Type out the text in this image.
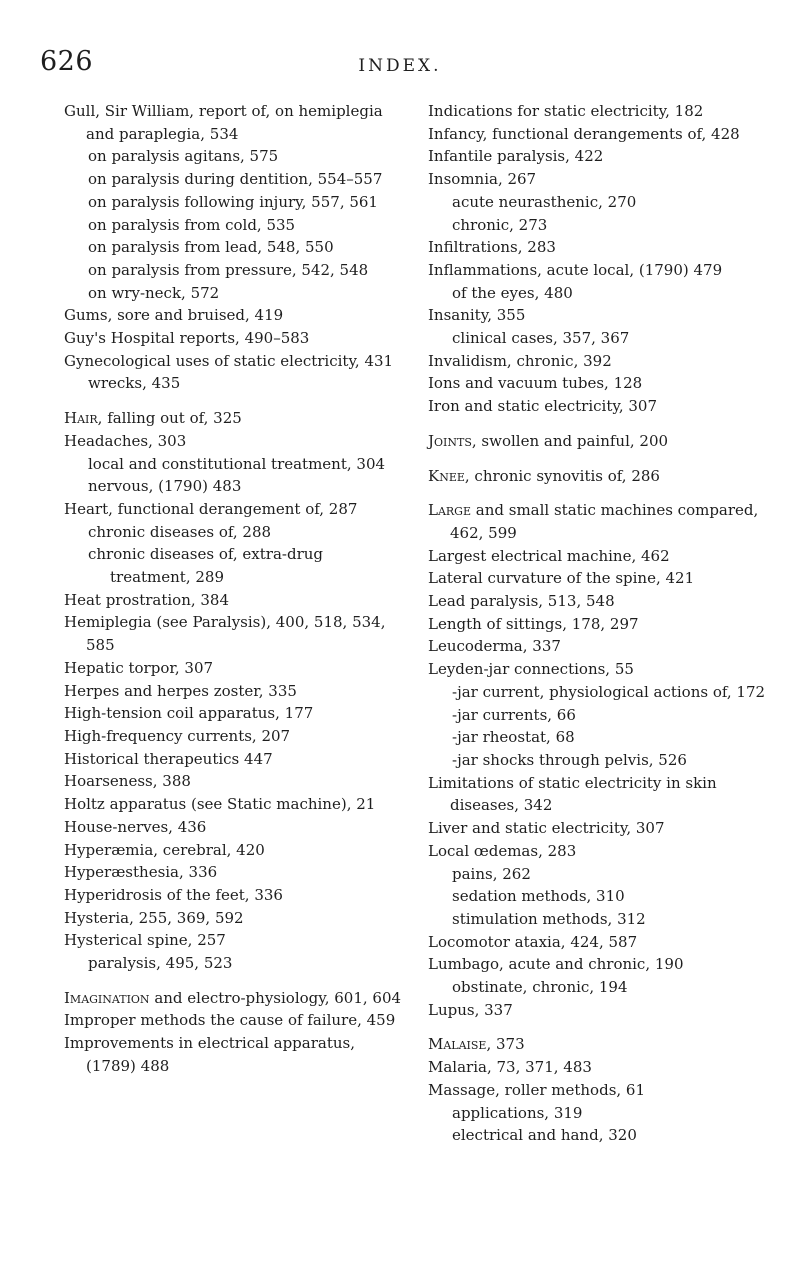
626	INDEX.

Gull, Sir William, report of, on hemiplegia and paraplegia, 534

on paralysis agitans, 575

on paralysis during dentition, 554–557

on paralysis following injury, 557, 561

on paralysis from cold, 535

on paralysis from lead, 548, 550

on paralysis from pressure, 542, 548

on wry-neck, 572

Gums, sore and bruised, 419

Guy's Hospital reports, 490–583

Gynecological uses of static electricity, 431

wrecks, 435

Hair, falling out of, 325

Headaches, 303

local and constitutional treatment, 304

nervous, (1790) 483

Heart, functional derangement of, 287

chronic diseases of, 288

chronic diseases of, extra-drug treatment, 289

Heat prostration, 384

Hemiplegia (see Paralysis), 400, 518, 534, 585

Hepatic torpor, 307

Herpes and herpes zoster, 335

High-tension coil apparatus, 177

High-frequency currents, 207

Historical therapeutics 447

Hoarseness, 388

Holtz apparatus (see Static machine), 21

House-nerves, 436

Hyperæmia, cerebral, 420

Hyperæsthesia, 336

Hyperidrosis of the feet, 336

Hysteria, 255, 369, 592

Hysterical spine, 257

paralysis, 495, 523

Imagination and electro-physiology, 601, 604

Improper methods the cause of failure, 459

Improvements in electrical apparatus, (1789) 488

Indications for static electricity, 182

Infancy, functional derangements of, 428

Infantile paralysis, 422

Insomnia, 267

acute neurasthenic, 270

chronic, 273

Infiltrations, 283

Inflammations, acute local, (1790) 479

of the eyes, 480

Insanity, 355

clinical cases, 357, 367

Invalidism, chronic, 392

Ions and vacuum tubes, 128

Iron and static electricity, 307

Joints, swollen and painful, 200

Knee, chronic synovitis of, 286

Large and small static machines compared, 462, 599

Largest electrical machine, 462

Lateral curvature of the spine, 421

Lead paralysis, 513, 548

Length of sittings, 178, 297

Leucoderma, 337

Leyden-jar connections, 55

-jar current, physiological actions of, 172

-jar currents, 66

-jar rheostat, 68

-jar shocks through pelvis, 526

Limitations of static electricity in skin diseases, 342

Liver and static electricity, 307

Local œdemas, 283

pains, 262

sedation methods, 310

stimulation methods, 312

Locomotor ataxia, 424, 587

Lumbago, acute and chronic, 190

obstinate, chronic, 194

Lupus, 337

Malaise, 373

Malaria, 73, 371, 483

Massage, roller methods, 61

applications, 319

electrical and hand, 320
